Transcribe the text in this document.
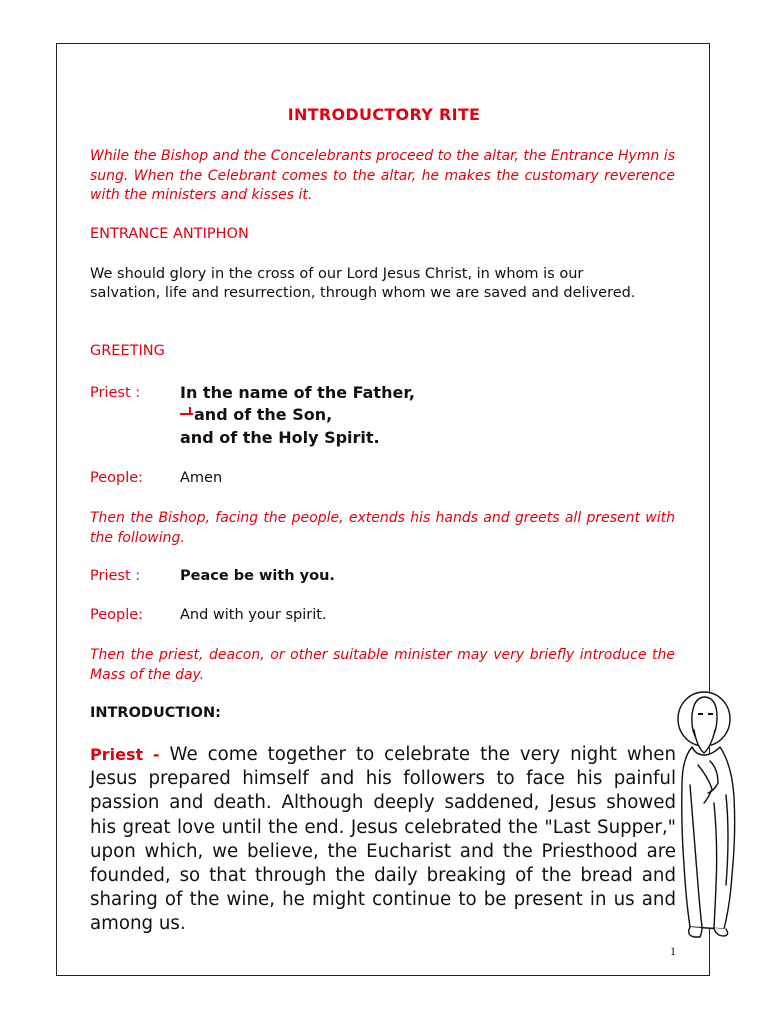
INTRODUCTORY RITE
While the Bishop and the Concelebrants proceed to the altar, the Entrance Hymn is sung. When the Celebrant comes to the altar, he makes the customary reverence with the ministers and kisses it.
ENTRANCE ANTIPHON
We should glory in the cross of our Lord Jesus Christ, in whom is our salvation, life and resurrection, through whom we are saved and delivered.
GREETING
Priest : In the name of the Father,
and of the Son,
and of the Holy Spirit.
People:	Amen
Then the Bishop, facing the people, extends his hands and greets all present with the following.
Priest :	Peace be with you.
People:	And with your spirit.
Then the priest, deacon, or other suitable minister may very briefly introduce the Mass of the day.
INTRODUCTION:
Priest - We come together to celebrate the very night when Jesus prepared himself and his followers to face his painful passion and death. Although deeply saddened, Jesus showed his great love until the end. Jesus celebrated the "Last Supper," upon which, we believe, the Eucharist and the Priesthood are founded, so that through the daily breaking of the bread and sharing of the wine, he might continue to be present in us and among us.
1
